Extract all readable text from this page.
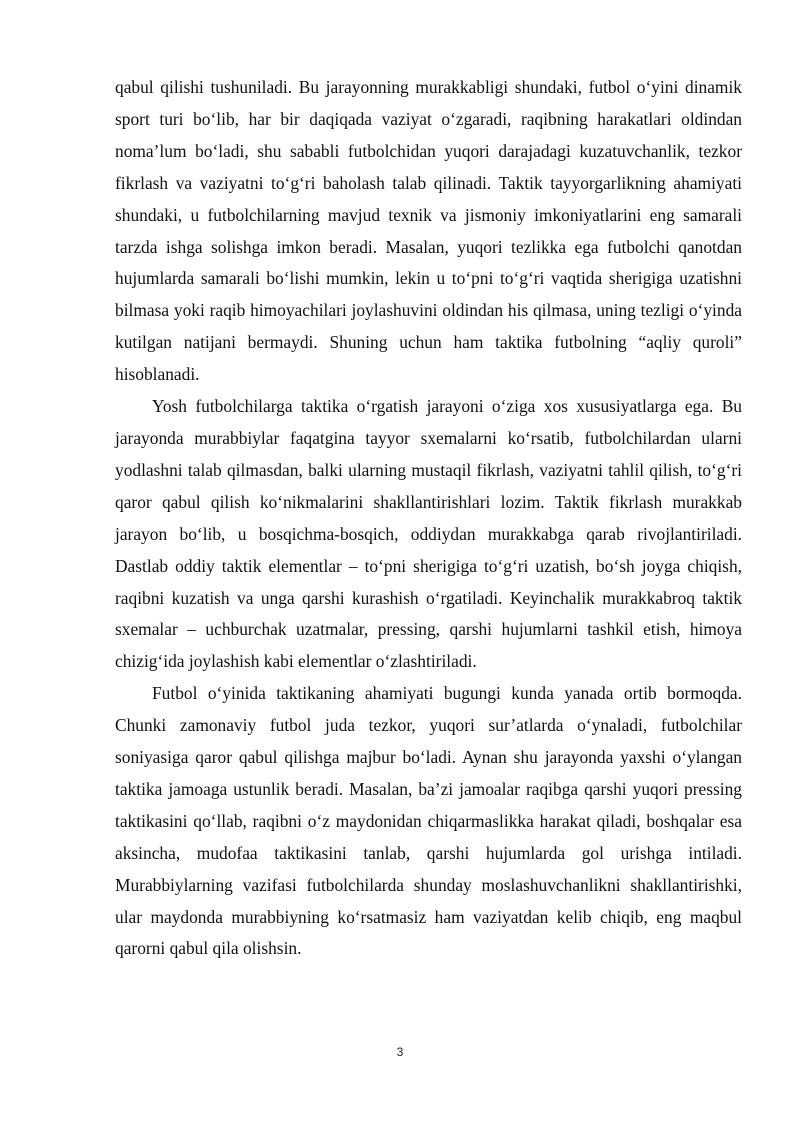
qabul qilishi tushuniladi. Bu jarayonning murakkabligi shundaki, futbol o‘yini dinamik sport turi bo‘lib, har bir daqiqada vaziyat o‘zgaradi, raqibning harakatlari oldindan noma’lum bo‘ladi, shu sababli futbolchidan yuqori darajadagi kuzatuvchanlik, tezkor fikrlash va vaziyatni to‘g‘ri baholash talab qilinadi. Taktik tayyorgarlikning ahamiyati shundaki, u futbolchilarning mavjud texnik va jismoniy imkoniyatlarini eng samarali tarzda ishga solishga imkon beradi. Masalan, yuqori tezlikka ega futbolchi qanotdan hujumlarda samarali bo‘lishi mumkin, lekin u to‘pni to‘g‘ri vaqtida sherigiga uzatishni bilmasa yoki raqib himoyachilari joylashuvini oldindan his qilmasa, uning tezligi o‘yinda kutilgan natijani bermaydi. Shuning uchun ham taktika futbolning “aqliy quroli” hisoblanadi.

Yosh futbolchilarga taktika o‘rgatish jarayoni o‘ziga xos xususiyatlarga ega. Bu jarayonda murabbiylar faqatgina tayyor sxemalarni ko‘rsatib, futbolchilardan ularni yodlashni talab qilmasdan, balki ularning mustaqil fikrlash, vaziyatni tahlil qilish, to‘g‘ri qaror qabul qilish ko‘nikmalarini shakllantirishlari lozim. Taktik fikrlash murakkab jarayon bo‘lib, u bosqichma-bosqich, oddiydan murakkabga qarab rivojlantiriladi. Dastlab oddiy taktik elementlar – to‘pni sherigiga to‘g‘ri uzatish, bo‘sh joyga chiqish, raqibni kuzatish va unga qarshi kurashish o‘rgatiladi. Keyinchalik murakkabroq taktik sxemalar – uchburchak uzatmalar, pressing, qarshi hujumlarni tashkil etish, himoya chizig‘ida joylashish kabi elementlar o‘zlashtiriladi.

Futbol o‘yinida taktikaning ahamiyati bugungi kunda yanada ortib bormoqda. Chunki zamonaviy futbol juda tezkor, yuqori sur’atlarda o‘ynaladi, futbolchilar soniyasiga qaror qabul qilishga majbur bo‘ladi. Aynan shu jarayonda yaxshi o‘ylangan taktika jamoaga ustunlik beradi. Masalan, ba’zi jamoalar raqibga qarshi yuqori pressing taktikasini qo‘llab, raqibni o‘z maydonidan chiqarmaslikka harakat qiladi, boshqalar esa aksincha, mudofaa taktikasini tanlab, qarshi hujumlarda gol urishga intiladi. Murabbiylarning vazifasi futbolchilarda shunday moslashuvchanlikni shakllantirishki, ular maydonda murabbiyning ko‘rsatmasiz ham vaziyatdan kelib chiqib, eng maqbul qarorni qabul qila olishsin.

3
